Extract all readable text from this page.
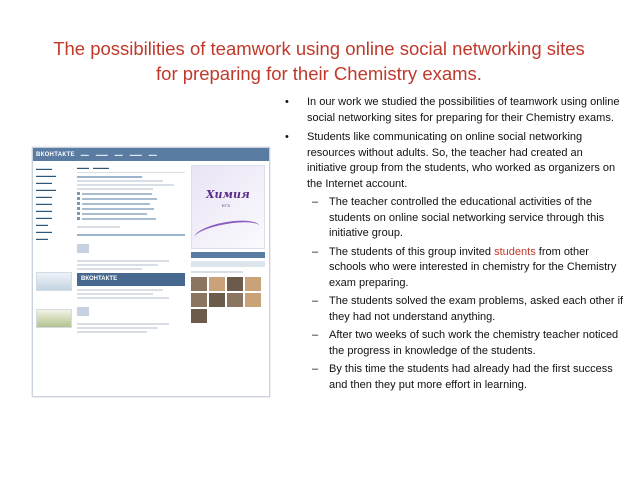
The possibilities of teamwork using online social networking sites
for preparing for their Chemistry exams.
ВКОНТАКТЕ ▬▬ ▬▬▬ ▬▬ ▬▬▬ ▬▬
▬▬▬▬
▬▬▬▬▬
▬▬▬▬
▬▬▬▬▬
▬▬▬▬
▬▬▬▬
▬▬▬▬
▬▬▬▬
▬▬▬
▬▬▬▬
▬▬▬
▬▬▬ ▬▬▬▬
ВКОНТАКТЕ
Химия
ЕГЭ
• In our work we studied the possibilities of teamwork using online social networking sites for preparing for their Chemistry exams.
• Students like communicating on online social networking resources without adults. So, the teacher had created an initiative group from the students, who worked as organizers on the Internet account.
– The teacher controlled the educational activities of the students on online social networking service through this initiative group.
– The students of this group invited students from other schools who were interested in chemistry for the Chemistry exam preparing.
– The students solved the exam problems, asked each other if they had not understand anything.
– After two weeks of such work the chemistry teacher noticed the progress in knowledge of the students.
– By this time the students had already had the first success and then they put more effort in learning.
